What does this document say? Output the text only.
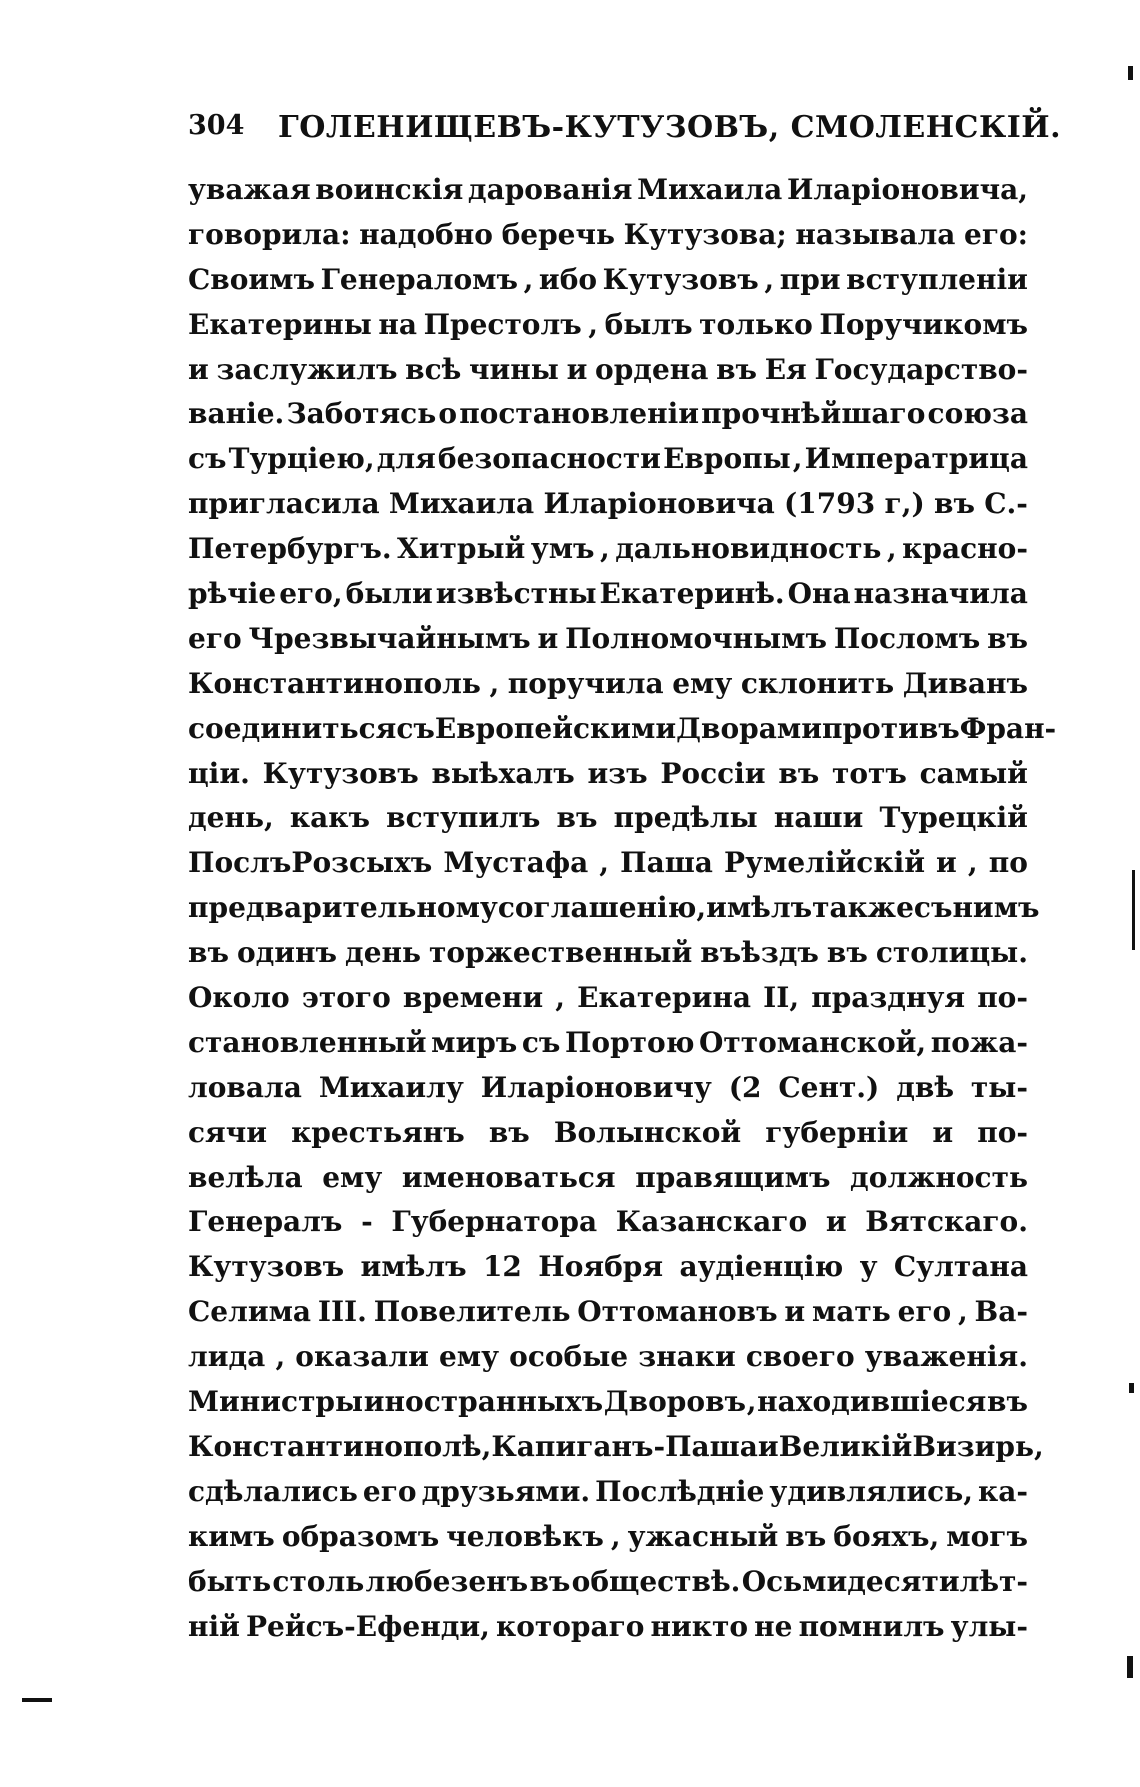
304 ГОЛЕНИЩЕВЪ-КУТУЗОВЪ, СМОЛЕНСКІЙ.
уважая воинскія дарованія Михаила Иларіоновича,
говорила: надобно беречь Кутузова; называла его:
Своимъ Генераломъ , ибо Кутузовъ , при вступленіи
Екатерины на Престолъ , былъ только Поручикомъ
и заслужилъ всѣ чины и ордена въ Ея Государство-
ваніе. Заботясь о постановленіи прочнѣйшаго союза
съ Турціею, для безопасности Европы , Императрица
пригласила Михаила Иларіоновича (1793 г,) въ С.-
Петербургъ. Хитрый умъ , дальновидность , красно-
рѣчіе его, были извѣстны Екатеринѣ. Она назначила
его Чрезвычайнымъ и Полномочнымъ Посломъ въ
Константинополь , поручила ему склонить Диванъ
соединиться съ Европейскими Дворами противъ Фран-
ціи. Кутузовъ выѣхалъ изъ Россіи въ тотъ самый
день, какъ вступилъ въ предѣлы наши Турецкій
ПослъРозсыхъ Мустафа , Паша Румелійскій и , по
предварительному соглашенію , имѣлъ также съ нимъ
въ одинъ день торжественный въѣздъ въ столицы.
Около этого времени , Екатерина II, празднуя по-
становленный миръ съ Портою Оттоманской, пожа-
ловала Михаилу Иларіоновичу (2 Сент.) двѣ ты-
сячи крестьянъ въ Волынской губерніи и по-
велѣла ему именоваться правящимъ должность
Генералъ - Губернатора Казанскаго и Вятскаго.
Кутузовъ имѣлъ 12 Ноября аудіенцію у Султана
Селима III. Повелитель Оттомановъ и мать его , Ва-
лида , оказали ему особые знаки своего уваженія.
Министры иностранныхъ Дворовъ , находившіеся въ
Константинополѣ, Капиганъ-Паша и Великій Визирь,
сдѣлались его друзьями. Послѣдніе удивлялись, ка-
кимъ образомъ человѣкъ , ужасный въ бояхъ, могъ
быть столь любезенъ въ обществѣ. Осьмидесятилѣт-
ній Рейсъ-Ефенди, котораго никто не помнилъ улы-
